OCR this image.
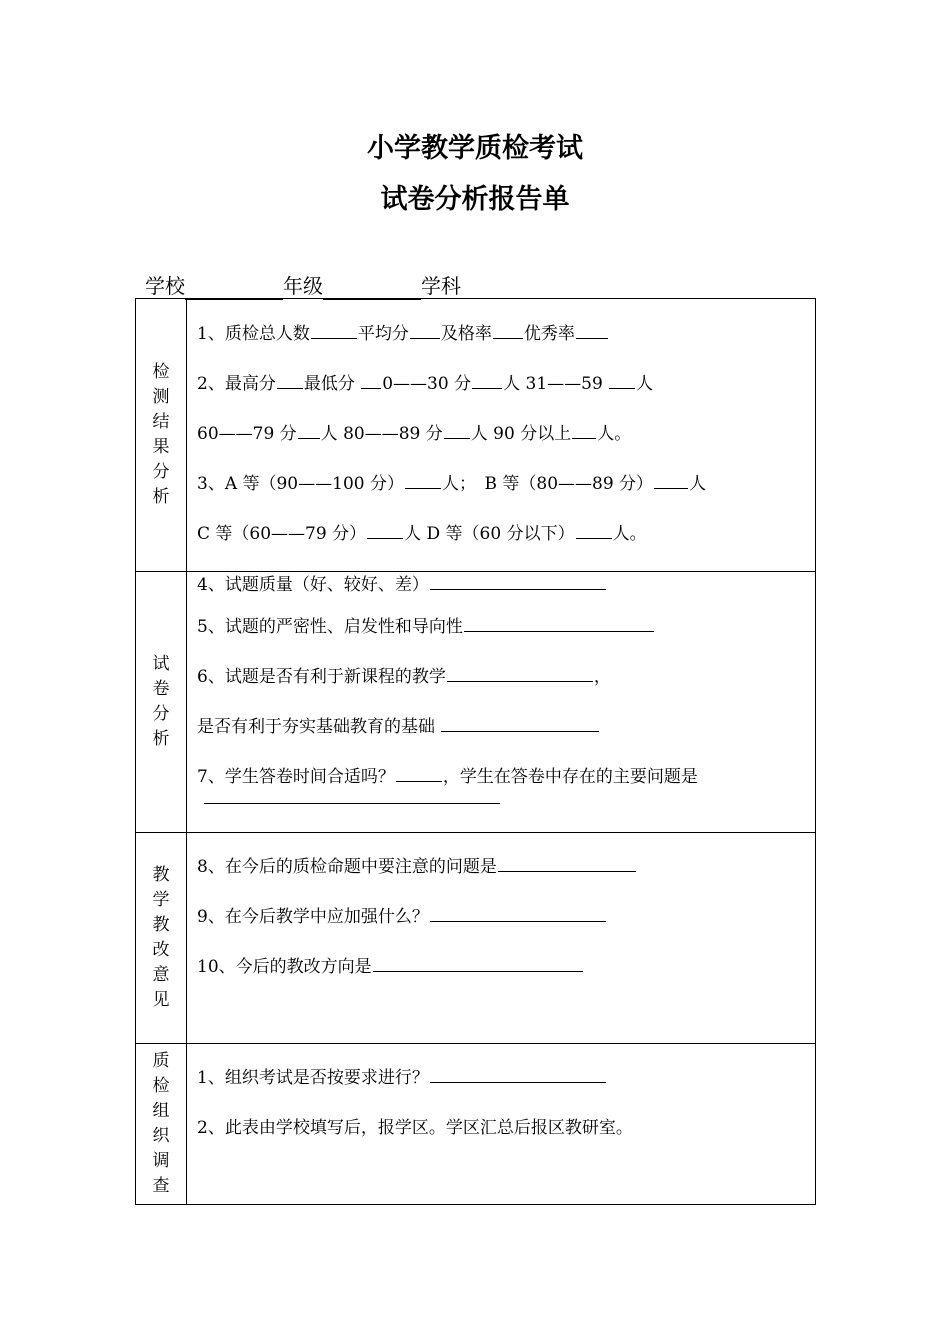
小学教学质检考试
试卷分析报告单
学校	年级	学科
检测结果分析	1、质检总人数 平均分 及格率 优秀率
2、最高分 最低分 0——30 分 人 31——59 人
60——79 分 人 80——89 分 人 90 分以上 人。
3、A 等（90——100 分） 人；　B 等（80——89 分） 人
C 等（60——79 分） 人 D 等（60 分以下） 人。

试卷分析	4、试题质量（好、较好、差）
5、试题的严密性、启发性和导向性
6、试题是否有利于新课程的教学 ，
是否有利于夯实基础教育的基础
7、学生答卷时间合适吗？ ，学生在答卷中存在的主要问题是

教学教改意见	8、在今后的质检命题中要注意的问题是
9、在今后教学中应加强什么？
10、今后的教改方向是

质检组织调查	1、组织考试是否按要求进行？
2、此表由学校填写后，报学区。学区汇总后报区教研室。
